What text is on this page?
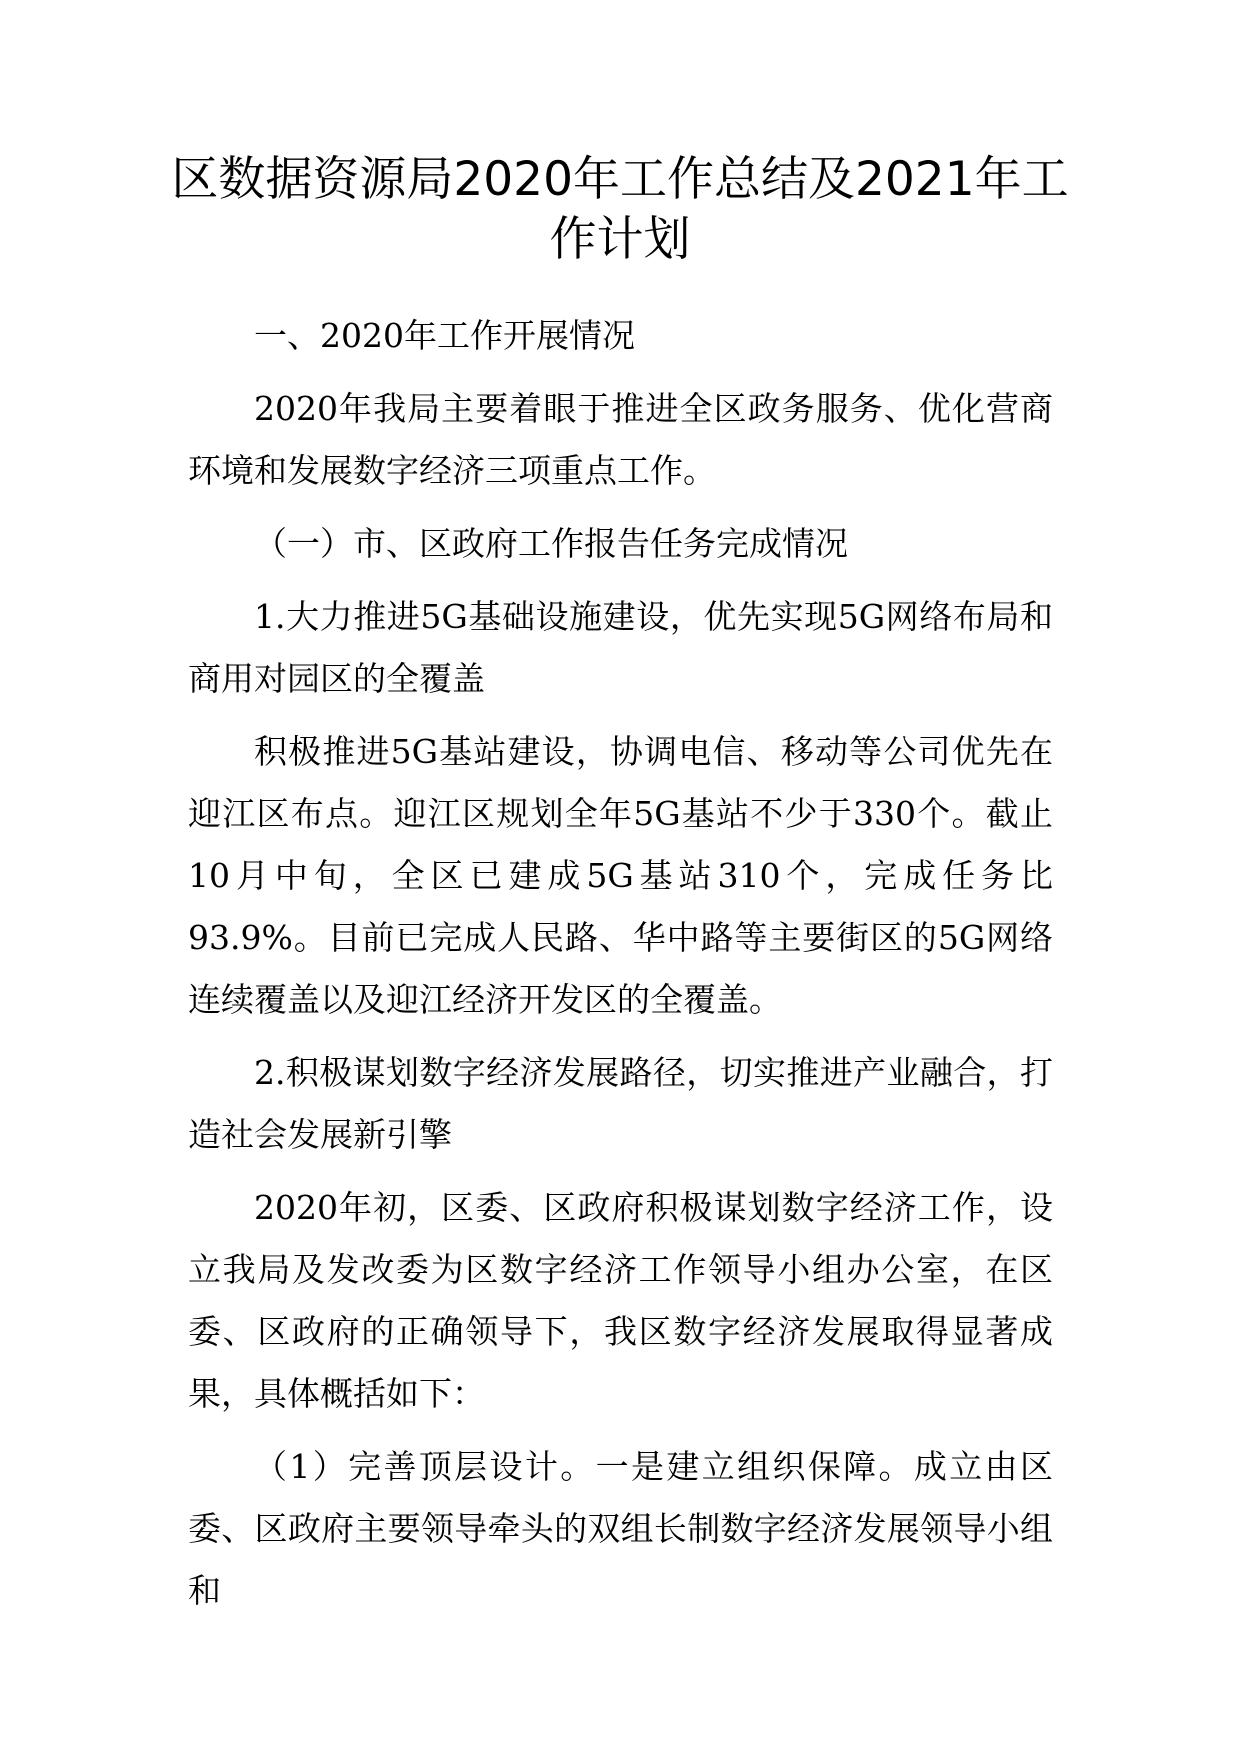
区数据资源局2020年工作总结及2021年工作计划

一、2020年工作开展情况

2020年我局主要着眼于推进全区政务服务、优化营商环境和发展数字经济三项重点工作。

（一）市、区政府工作报告任务完成情况

1.大力推进5G基础设施建设，优先实现5G网络布局和商用对园区的全覆盖

积极推进5G基站建设，协调电信、移动等公司优先在迎江区布点。迎江区规划全年5G基站不少于330个。截止10月中旬，全区已建成5G基站310个，完成任务比93.9%。目前已完成人民路、华中路等主要街区的5G网络连续覆盖以及迎江经济开发区的全覆盖。

2.积极谋划数字经济发展路径，切实推进产业融合，打造社会发展新引擎

2020年初，区委、区政府积极谋划数字经济工作，设立我局及发改委为区数字经济工作领导小组办公室，在区委、区政府的正确领导下，我区数字经济发展取得显著成果，具体概括如下：

（1）完善顶层设计。一是建立组织保障。成立由区委、区政府主要领导牵头的双组长制数字经济发展领导小组和
